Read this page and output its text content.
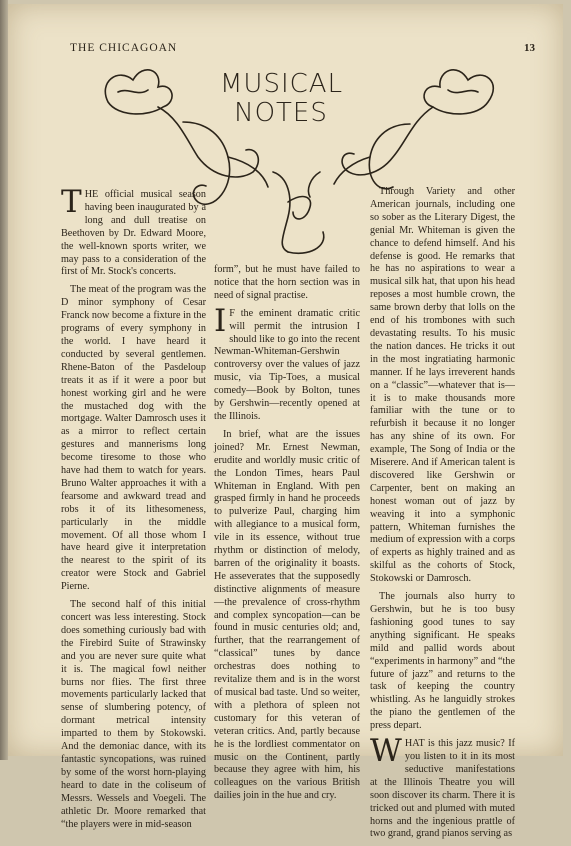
THE CHICAGOAN	13
MUSICAL
NOTES

THE official musical season having been inaugurated by a long and dull treatise on Beethoven by Dr. Edward Moore, the well-known sports writer, we may pass to a consideration of the first of Mr. Stock's concerts.

The meat of the program was the D minor symphony of Cesar Franck now become a fixture in the programs of every symphony in the world. I have heard it conducted by several gentlemen. Rhene-Baton of the Pasdeloup treats it as if it were a poor but honest working girl and he were the mustached dog with the mortgage. Walter Damrosch uses it as a mirror to reflect certain gestures and mannerisms long become tiresome to those who have had them to watch for years. Bruno Walter approaches it with a fearsome and awkward tread and robs it of its lithesomeness, particularly in the middle movement. Of all those whom I have heard give it interpretation the nearest to the spirit of its creator were Stock and Gabriel Pierne.

The second half of this initial concert was less interesting. Stock does something curiously bad with the Firebird Suite of Strawinsky and you are never sure quite what it is. The magical fowl neither burns nor flies. The first three movements particularly lacked that sense of slumbering potency, of dormant metrical intensity imparted to them by Stokowski. And the demoniac dance, with its fantastic syncopations, was ruined by some of the worst horn-playing heard to date in the coliseum of Messrs. Wessels and Voegeli. The athletic Dr. Moore remarked that “the players were in mid-season

form”, but he must have failed to notice that the horn section was in need of signal practise.

I F the eminent dramatic critic will permit the intrusion I should like to go into the recent Newman-Whiteman-Gershwin controversy over the values of jazz music, via Tip-Toes, a musical comedy—Book by Bolton, tunes by Gershwin—recently opened at the Illinois.

In brief, what are the issues joined? Mr. Ernest Newman, erudite and worldly music critic of the London Times, hears Paul Whiteman in England. With pen grasped firmly in hand he proceeds to pulverize Paul, charging him with allegiance to a musical form, vile in its essence, without true rhythm or distinction of melody, barren of the originality it boasts. He asseverates that the supposedly distinctive alignments of measure—the prevalence of cross-rhythm and complex syncopation—can be found in music centuries old; and, further, that the rearrangement of “classical” tunes by dance orchestras does nothing to revitalize them and is in the worst of musical bad taste. Und so weiter, with a plethora of spleen not customary for this veteran of veteran critics. And, partly because he is the lordliest commentator on music on the Continent, partly because they agree with him, his colleagues on the various British dailies join in the hue and cry.

Through Variety and other American journals, including one so sober as the Literary Digest, the genial Mr. Whiteman is given the chance to defend himself. And his defense is good. He remarks that he has no aspirations to wear a musical silk hat, that upon his head reposes a most humble crown, the same brown derby that lolls on the end of his trombones with such devastating results. To his music the nation dances. He tricks it out in the most ingratiating harmonic manner. If he lays irreverent hands on a “classic”—whatever that is—it is to make thousands more familiar with the tune or to refurbish it because it no longer has any shine of its own. For example, The Song of India or the Miserere. And if American talent is discovered like Gershwin or Carpenter, bent on making an honest woman out of jazz by weaving it into a symphonic pattern, Whiteman furnishes the medium of expression with a corps of experts as highly trained and as skilful as the cohorts of Stock, Stokowski or Damrosch.

The journals also hurry to Gershwin, but he is too busy fashioning good tunes to say anything significant. He speaks mild and pallid words about “experiments in harmony” and “the future of jazz” and returns to the task of keeping the country whistling. As he languidly strokes the piano the gentlemen of the press depart.

WHAT is this jazz music? If you listen to it in its most seductive manifestations at the Illinois Theatre you will soon discover its charm. There it is tricked out and plumed with muted horns and the ingenious prattle of two grand, grand pianos serving as
